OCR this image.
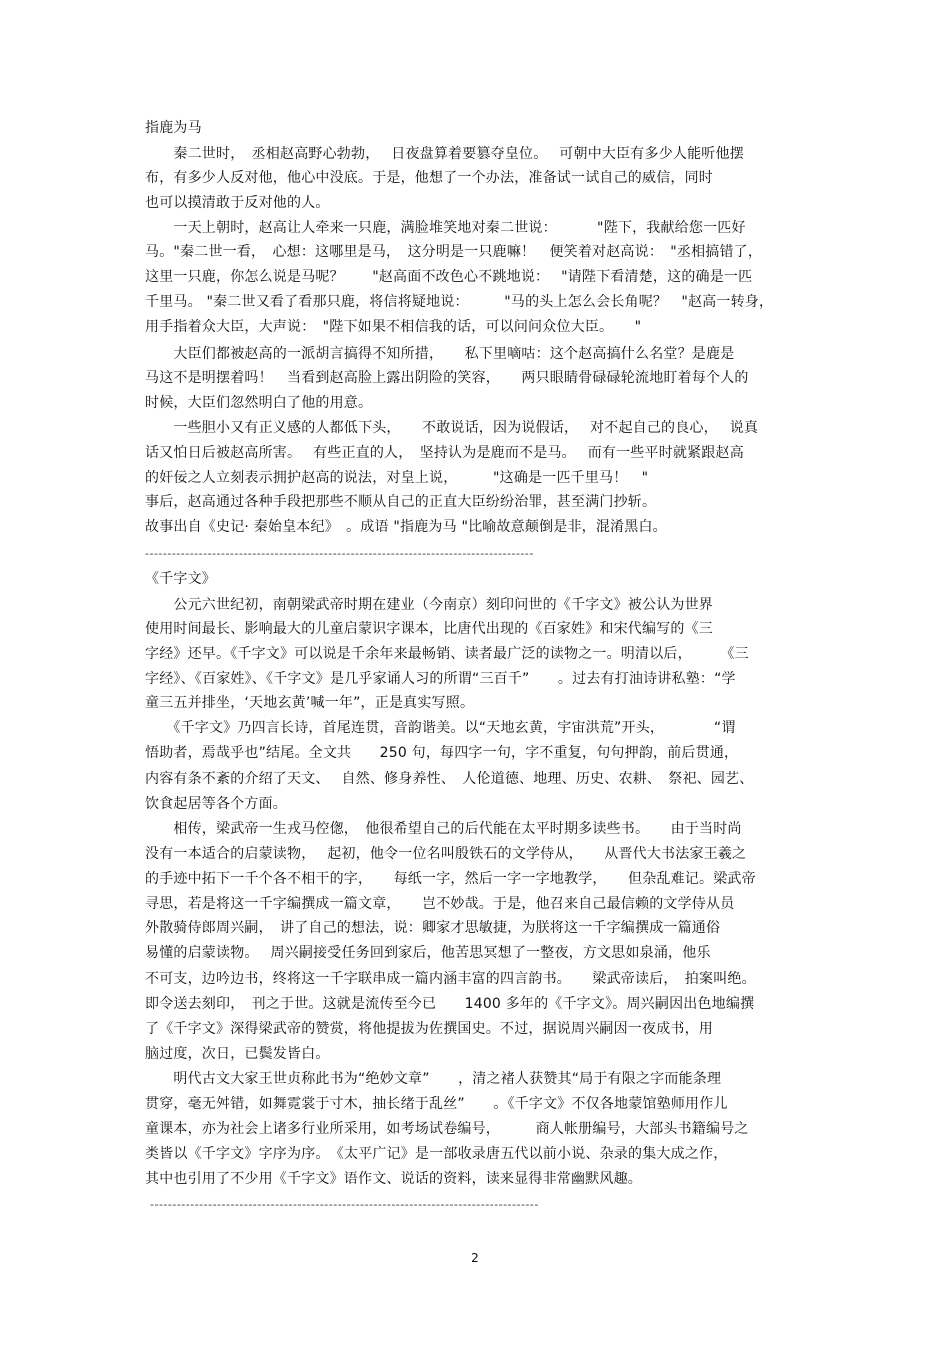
指鹿为马
　　秦二世时，　丞相赵高野心勃勃，　 日夜盘算着要篡夺皇位。　 可朝中大臣有多少人能听他摆
布，有多少人反对他，他心中没底。于是，他想了一个办法，准备试一试自己的威信，同时
也可以摸清敢于反对他的人。
　　一天上朝时，赵高让人牵来一只鹿，满脸堆笑地对秦二世说：　　　 "陛下，我献给您一匹好
马。"秦二世一看，　心想：这哪里是马，　这分明是一只鹿嘛！　便笑着对赵高说：　"丞相搞错了，
这里一只鹿，你怎么说是马呢？　　"赵高面不改色心不跳地说：　 "请陛下看清楚，这的确是一匹
千里马。 "秦二世又看了看那只鹿，将信将疑地说：　　　"马的头上怎么会长角呢？　"赵高一转身，
用手指着众大臣，大声说：　"陛下如果不相信我的话，可以问问众位大臣。　　"
　　大臣们都被赵高的一派胡言搞得不知所措，　　私下里嘀咕：这个赵高搞什么名堂？是鹿是
马这不是明摆着吗！　当看到赵高脸上露出阴险的笑容，　　两只眼睛骨碌碌轮流地盯着每个人的
时候，大臣们忽然明白了他的用意。
　　一些胆小又有正义感的人都低下头，　　不敢说话，因为说假话，　 对不起自己的良心，　 说真
话又怕日后被赵高所害。　 有些正直的人，　坚持认为是鹿而不是马。　 而有一些平时就紧跟赵高
的奸佞之人立刻表示拥护赵高的说法，对皇上说，　　　"这确是一匹千里马！　"
事后，赵高通过各种手段把那些不顺从自己的正直大臣纷纷治罪，甚至满门抄斩。
故事出自《史记· 秦始皇本纪》　。成语 "指鹿为马 "比喻故意颠倒是非，混淆黑白。
---------------------------------------------------------------------------------------
《千字文》
　　公元六世纪初，南朝梁武帝时期在建业（今南京）刻印问世的《千字文》被公认为世界
使用时间最长、影响最大的儿童启蒙识字课本，比唐代出现的《百家姓》和宋代编写的《三
字经》还早。《千字文》可以说是千余年来最畅销、读者最广泛的读物之一。明清以后，　　　《三
字经》、《百家姓》、《千字文》是几乎家诵人习的所谓“三百千”　　。过去有打油诗讲私塾：“学
童三五并排坐，‘天地玄黄’喊一年”，正是真实写照。
　　《千字文》乃四言长诗，首尾连贯，音韵谐美。以“天地玄黄，宇宙洪荒”开头，　　　　“谓
悟助者，焉哉乎也”结尾。全文共　　250 句，每四字一句，字不重复，句句押韵，前后贯通，
内容有条不紊的介绍了天文、　 自然、修身养性、　人伦道德、地理、历史、农耕、　祭祀、园艺、
饮食起居等各个方面。
　　相传，梁武帝一生戎马倥偬，　他很希望自己的后代能在太平时期多读些书。　　由于当时尚
没有一本适合的启蒙读物，　 起初，他令一位名叫殷铁石的文学侍从，　　从晋代大书法家王羲之
的手迹中拓下一千个各不相干的字，　　每纸一字，然后一字一字地教学，　　但杂乱难记。梁武帝
寻思，若是将这一千字编撰成一篇文章，　　岂不妙哉。于是，他召来自己最信赖的文学侍从员
外散骑侍郎周兴嗣，　讲了自己的想法，说：卿家才思敏捷，为朕将这一千字编撰成一篇通俗
易懂的启蒙读物。　 周兴嗣接受任务回到家后，他苦思冥想了一整夜，方文思如泉涌，他乐
不可支，边吟边书，终将这一千字联串成一篇内涵丰富的四言韵书。　　梁武帝读后，　拍案叫绝。
即令送去刻印，　刊之于世。这就是流传至今已　　1400 多年的《千字文》。周兴嗣因出色地编撰
了《千字文》深得梁武帝的赞赏，将他提拔为佐撰国史。不过，据说周兴嗣因一夜成书，用
脑过度，次日，已鬓发皆白。
　　明代古文大家王世贞称此书为“绝妙文章”　　，清之褚人获赞其“局于有限之字而能条理
贯穿，毫无舛错，如舞霓裳于寸木，抽长绪于乱丝”　　。《千字文》不仅各地蒙馆塾师用作儿
童课本，亦为社会上诸多行业所采用，如考场试卷编号，　　　商人帐册编号，大部头书籍编号之
类皆以《千字文》字序为序。　《太平广记》是一部收录唐五代以前小说、杂录的集大成之作，
其中也引用了不少用《千字文》语作文、说话的资料，读来显得非常幽默风趣。
---------------------------------------------------------------------------------------
2
